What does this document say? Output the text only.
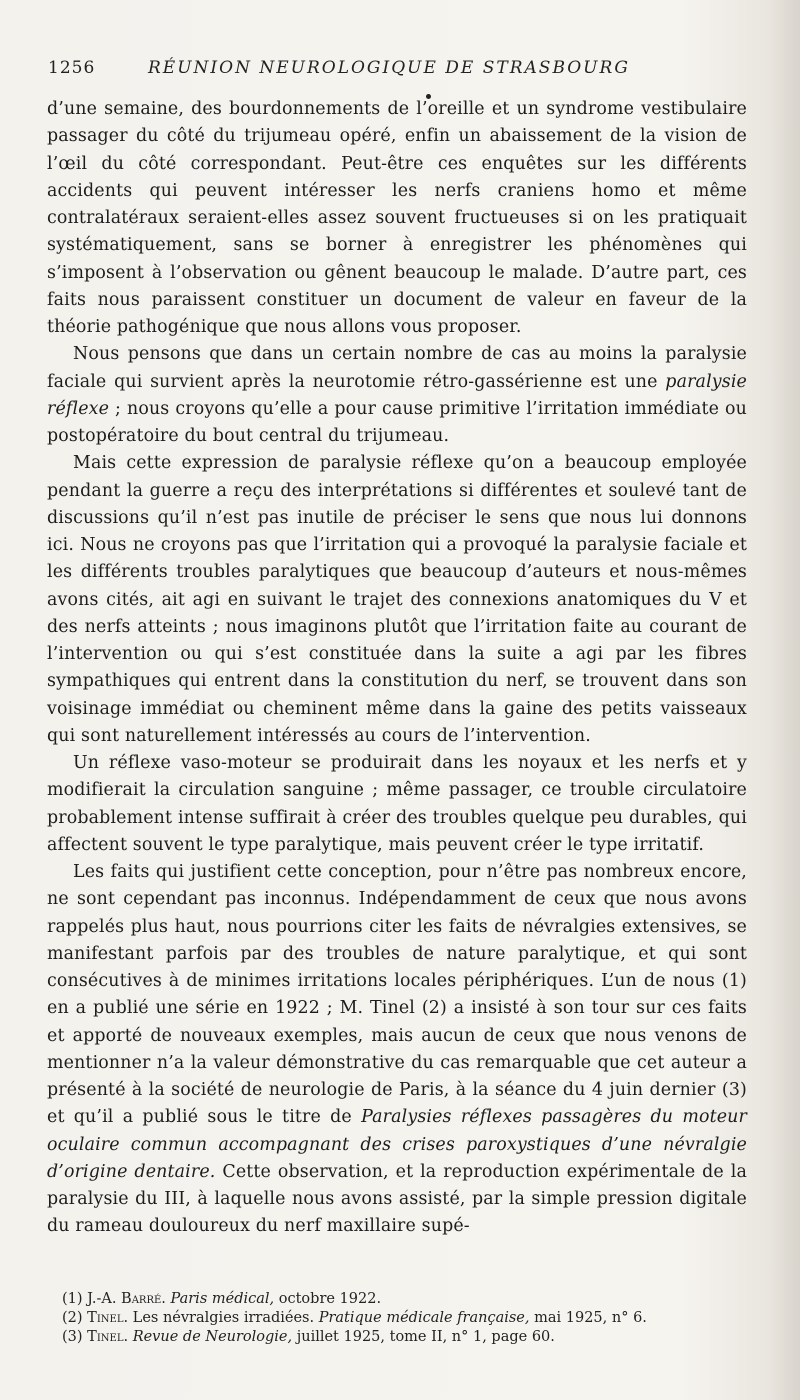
1256	RÉUNION NEUROLOGIQUE DE STRASBOURG

d’une semaine, des bourdonnements de l’oreille et un syndrome vestibulaire passager du côté du trijumeau opéré, enfin un abaissement de la vision de l’œil du côté correspondant. Peut-être ces enquêtes sur les différents accidents qui peuvent intéresser les nerfs craniens homo et même contralatéraux seraient-elles assez souvent fructueuses si on les pratiquait systématiquement, sans se borner à enregistrer les phénomènes qui s’imposent à l’observation ou gênent beaucoup le malade. D’autre part, ces faits nous paraissent constituer un document de valeur en faveur de la théorie pathogénique que nous allons vous proposer.

Nous pensons que dans un certain nombre de cas au moins la paralysie faciale qui survient après la neurotomie rétro-gassérienne est une paralysie réflexe ; nous croyons qu’elle a pour cause primitive l’irritation immédiate ou postopératoire du bout central du trijumeau.

Mais cette expression de paralysie réflexe qu’on a beaucoup employée pendant la guerre a reçu des interprétations si différentes et soulevé tant de discussions qu’il n’est pas inutile de préciser le sens que nous lui donnons ici. Nous ne croyons pas que l’irritation qui a provoqué la paralysie faciale et les différents troubles paralytiques que beaucoup d’auteurs et nous-mêmes avons cités, ait agi en suivant le trajet des connexions anatomiques du V et des nerfs atteints ; nous imaginons plutôt que l’irritation faite au courant de l’intervention ou qui s’est constituée dans la suite a agi par les fibres sympathiques qui entrent dans la constitution du nerf, se trouvent dans son voisinage immédiat ou cheminent même dans la gaine des petits vaisseaux qui sont naturellement intéressés au cours de l’intervention.

Un réflexe vaso-moteur se produirait dans les noyaux et les nerfs et y modifierait la circulation sanguine ; même passager, ce trouble circulatoire probablement intense suffirait à créer des troubles quelque peu durables, qui affectent souvent le type paralytique, mais peuvent créer le type irritatif.

Les faits qui justifient cette conception, pour n’être pas nombreux encore, ne sont cependant pas inconnus. Indépendamment de ceux que nous avons rappelés plus haut, nous pourrions citer les faits de névralgies extensives, se manifestant parfois par des troubles de nature paralytique, et qui sont consécutives à de minimes irritations locales périphériques. L’un de nous (1) en a publié une série en 1922 ; M. Tinel (2) a insisté à son tour sur ces faits et apporté de nouveaux exemples, mais aucun de ceux que nous venons de mentionner n’a la valeur démonstrative du cas remarquable que cet auteur a présenté à la société de neurologie de Paris, à la séance du 4 juin dernier (3) et qu’il a publié sous le titre de Paralysies réflexes passagères du moteur oculaire commun accompagnant des crises paroxystiques d’une névralgie d’origine dentaire. Cette observation, et la reproduction expérimentale de la paralysie du III, à laquelle nous avons assisté, par la simple pression digitale du rameau douloureux du nerf maxillaire supé-

(1) J.-A. Barré. Paris médical, octobre 1922.
(2) Tinel. Les névralgies irradiées. Pratique médicale française, mai 1925, n° 6.
(3) Tinel. Revue de Neurologie, juillet 1925, tome II, n° 1, page 60.
